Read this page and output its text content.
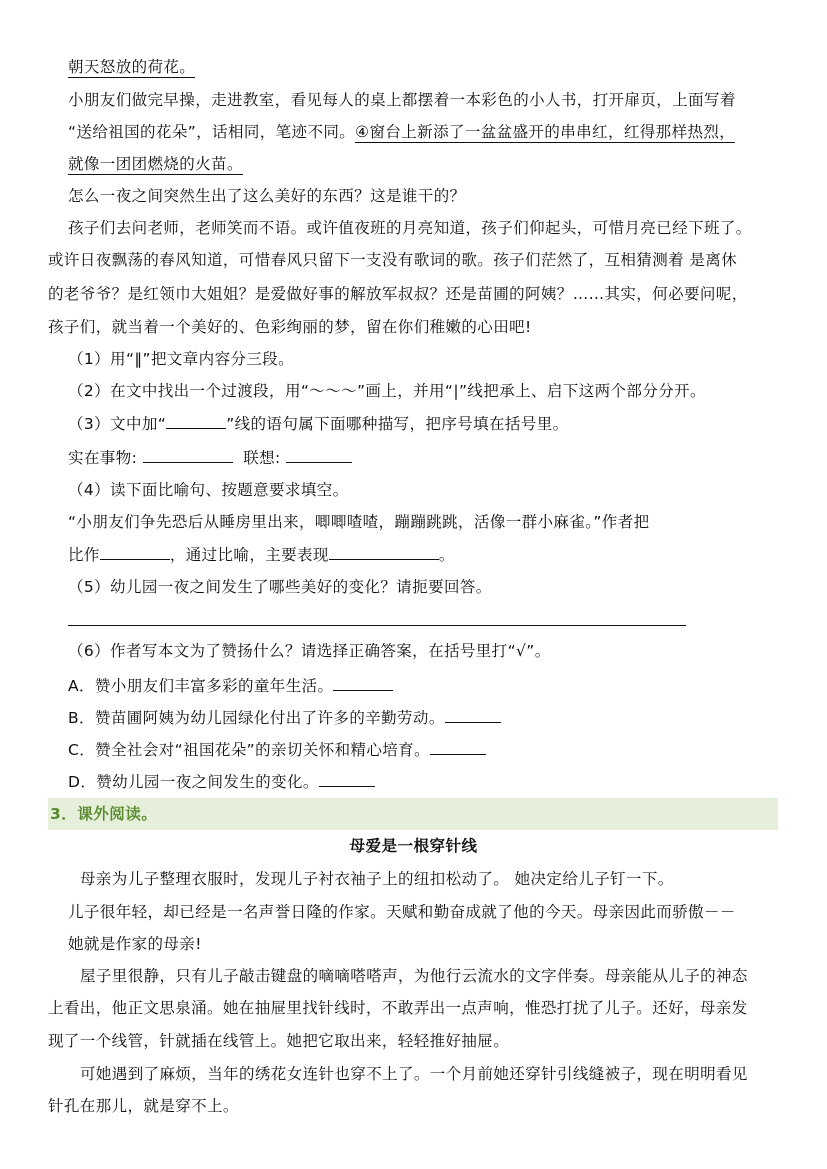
朝天怒放的荷花。
小朋友们做完早操，走进教室，看见每人的桌上都摆着一本彩色的小人书，打开扉页，上面写着
“送给祖国的花朵”，话相同，笔迹不同。④窗台上新添了一盆盆盛开的串串红，红得那样热烈，
就像一团团燃烧的火苗。
怎么一夜之间突然生出了这么美好的东西？这是谁干的？
孩子们去问老师，老师笑而不语。或许值夜班的月亮知道，孩子们仰起头，可惜月亮已经下班了。
或许日夜飘荡的春风知道，可惜春风只留下一支没有歌词的歌。孩子们茫然了，互相猜测着 是离休
的老爷爷？是红领巾大姐姐？是爱做好事的解放军叔叔？还是苗圃的阿姨？……其实，何必要问呢，
孩子们，就当着一个美好的、色彩绚丽的梦，留在你们稚嫩的心田吧!
（1）用“‖”把文章内容分三段。
（2）在文中找出一个过渡段，用“～～～”画上，并用“|”线把承上、启下这两个部分分开。
（3）文中加“	”线的语句属下面哪种描写，把序号填在括号里。
实在事物:	联想:
（4）读下面比喻句、按题意要求填空。
“小朋友们争先恐后从睡房里出来，唧唧喳喳，蹦蹦跳跳，活像一群小麻雀。”作者把
比作	，通过比喻，主要表现	。
（5）幼儿园一夜之间发生了哪些美好的变化？请扼要回答。
（6）作者写本文为了赞扬什么？请选择正确答案，在括号里打“√”。
A．赞小朋友们丰富多彩的童年生活。
B．赞苗圃阿姨为幼儿园绿化付出了许多的辛勤劳动。
C．赞全社会对“祖国花朵”的亲切关怀和精心培育。
D．赞幼儿园一夜之间发生的变化。
3．课外阅读。
母爱是一根穿针线
母亲为儿子整理衣服时，发现儿子衬衣袖子上的纽扣松动了。 她决定给儿子钉一下。
儿子很年轻，却已经是一名声誉日隆的作家。天赋和勤奋成就了他的今天。母亲因此而骄傲－－
她就是作家的母亲!
屋子里很静，只有儿子敲击键盘的嘀嘀嗒嗒声，为他行云流水的文字伴奏。母亲能从儿子的神态
上看出，他正文思泉涌。她在抽屉里找针线时，不敢弄出一点声响，惟恐打扰了儿子。还好，母亲发
现了一个线管，针就插在线管上。她把它取出来，轻轻推好抽屉。
可她遇到了麻烦，当年的绣花女连针也穿不上了。一个月前她还穿针引线缝被子，现在明明看见
针孔在那儿，就是穿不上。
